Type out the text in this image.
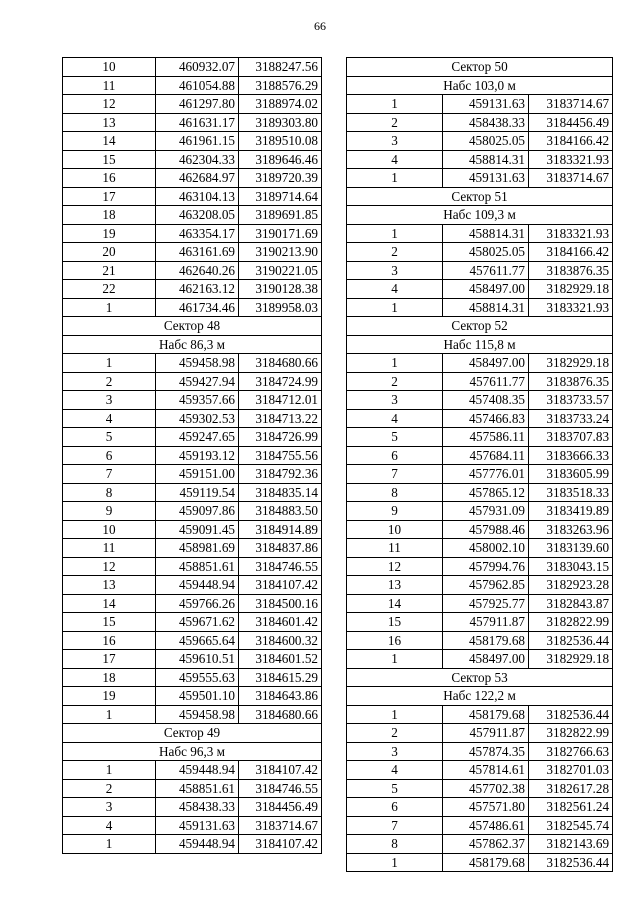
66
10	460932.07	3188247.56
11	461054.88	3188576.29
12	461297.80	3188974.02
13	461631.17	3189303.80
14	461961.15	3189510.08
15	462304.33	3189646.46
16	462684.97	3189720.39
17	463104.13	3189714.64
18	463208.05	3189691.85
19	463354.17	3190171.69
20	463161.69	3190213.90
21	462640.26	3190221.05
22	462163.12	3190128.38
1	461734.46	3189958.03
Сектор 48		
Набс 86,3 м		
1	459458.98	3184680.66
2	459427.94	3184724.99
3	459357.66	3184712.01
4	459302.53	3184713.22
5	459247.65	3184726.99
6	459193.12	3184755.56
7	459151.00	3184792.36
8	459119.54	3184835.14
9	459097.86	3184883.50
10	459091.45	3184914.89
11	458981.69	3184837.86
12	458851.61	3184746.55
13	459448.94	3184107.42
14	459766.26	3184500.16
15	459671.62	3184601.42
16	459665.64	3184600.32
17	459610.51	3184601.52
18	459555.63	3184615.29
19	459501.10	3184643.86
1	459458.98	3184680.66
Сектор 49		
Набс 96,3 м		
1	459448.94	3184107.42
2	458851.61	3184746.55
3	458438.33	3184456.49
4	459131.63	3183714.67
1	459448.94	3184107.42
Сектор 50		
Набс 103,0 м		
1	459131.63	3183714.67
2	458438.33	3184456.49
3	458025.05	3184166.42
4	458814.31	3183321.93
1	459131.63	3183714.67
Сектор 51		
Набс 109,3 м		
1	458814.31	3183321.93
2	458025.05	3184166.42
3	457611.77	3183876.35
4	458497.00	3182929.18
1	458814.31	3183321.93
Сектор 52		
Набс 115,8 м		
1	458497.00	3182929.18
2	457611.77	3183876.35
3	457408.35	3183733.57
4	457466.83	3183733.24
5	457586.11	3183707.83
6	457684.11	3183666.33
7	457776.01	3183605.99
8	457865.12	3183518.33
9	457931.09	3183419.89
10	457988.46	3183263.96
11	458002.10	3183139.60
12	457994.76	3183043.15
13	457962.85	3182923.28
14	457925.77	3182843.87
15	457911.87	3182822.99
16	458179.68	3182536.44
1	458497.00	3182929.18
Сектор 53		
Набс 122,2 м		
1	458179.68	3182536.44
2	457911.87	3182822.99
3	457874.35	3182766.63
4	457814.61	3182701.03
5	457702.38	3182617.28
6	457571.80	3182561.24
7	457486.61	3182545.74
8	457862.37	3182143.69
1	458179.68	3182536.44
